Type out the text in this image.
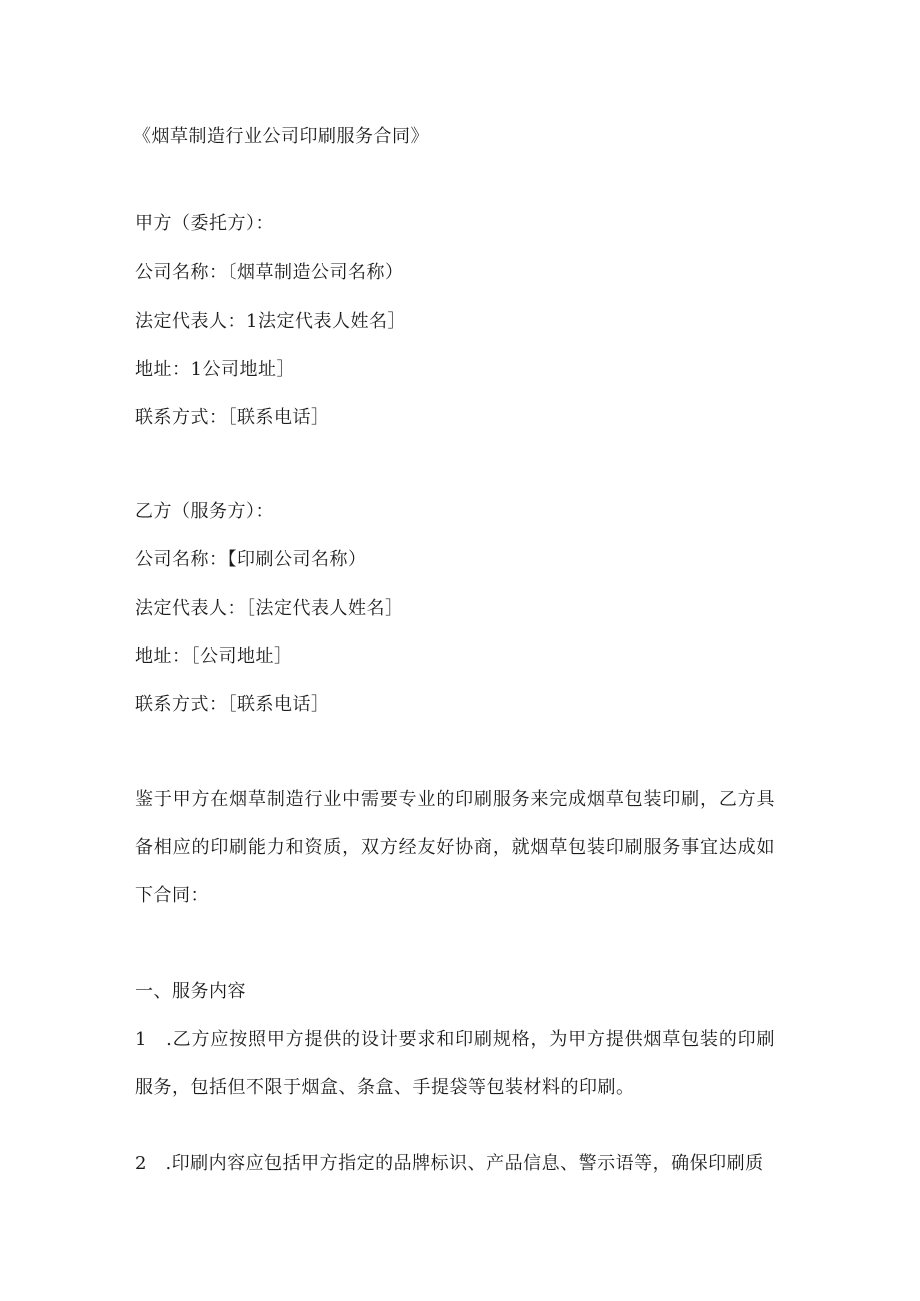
《烟草制造行业公司印刷服务合同》
甲方（委托方）：
公司名称：〔烟草制造公司名称）
法定代表人：1法定代表人姓名］
地址：1公司地址］
联系方式：［联系电话］
乙方（服务方）：
公司名称：【印刷公司名称）
法定代表人：［法定代表人姓名］
地址：［公司地址］
联系方式：［联系电话］
鉴于甲方在烟草制造行业中需要专业的印刷服务来完成烟草包装印刷，乙方具备相应的印刷能力和资质，双方经友好协商，就烟草包装印刷服务事宜达成如下合同：
一、服务内容
1　.乙方应按照甲方提供的设计要求和印刷规格，为甲方提供烟草包装的印刷服务，包括但不限于烟盒、条盒、手提袋等包装材料的印刷。
2　.印刷内容应包括甲方指定的品牌标识、产品信息、警示语等，确保印刷质
